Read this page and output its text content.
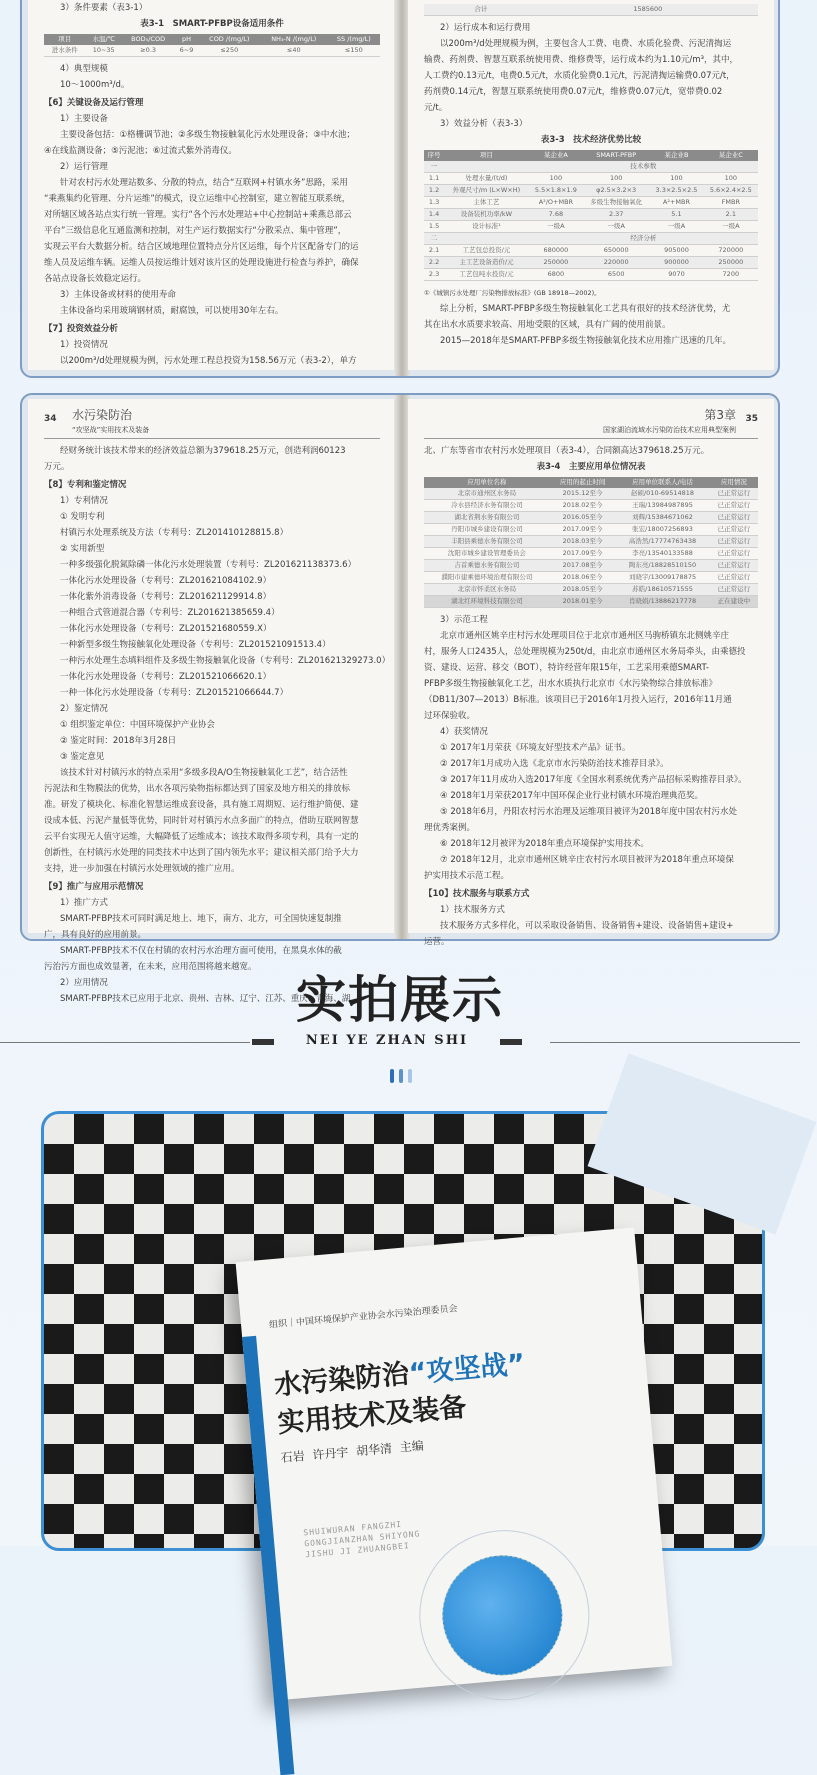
3）条件要素（表3-1）

表3-1　SMART-PFBP设备适用条件

项目	水温/℃	BOD₅/COD	pH	COD /(mg/L)	NH₃-N /(mg/L)	SS /(mg/L)
进水条件	10~35	≥0.3	6~9	≤250	≤40	≤150

4）典型规模

10～1000m³/d。

【6】关键设备及运行管理

1）主要设备

主要设备包括：①格栅调节池；②多级生物接触氧化污水处理设备；③中水池；

④在线监测设备；⑤污泥池；⑥过流式紫外消毒仪。

2）运行管理

针对农村污水处理站数多、分散的特点，结合“互联网+村镇水务”思路，采用

“乘燕集约化管理、分片运维”的模式，设立运维中心控制室，建立智能互联系统，

对所辖区域各站点实行统一管理。实行“各个污水处理站+中心控制站+乘燕总部云

平台”三级信息化互通监测和控制，对生产运行数据实行“分散采点、集中管理”，

实现云平台大数据分析。结合区域地理位置特点分片区运维，每个片区配备专门的运

维人员及运维车辆。运维人员按运维计划对该片区的处理设施进行检查与养护，确保

各站点设备长效稳定运行。

3）主体设备或材料的使用寿命

主体设备均采用玻璃钢材质，耐腐蚀，可以使用30年左右。

【7】投资效益分析

1）投资情况

以200m³/d处理规模为例，污水处理工程总投资为158.56万元（表3-2），单方

合计	1585600

2）运行成本和运行费用

以200m³/d处理规模为例，主要包含人工费、电费、水质化验费、污泥清掏运

输费、药剂费、智慧互联系统使用费、维修费等，运行成本约为1.10元/m³，其中，

人工费约0.13元/t，电费0.5元/t，水质化验费0.1元/t，污泥清掏运输费0.07元/t，

药剂费0.14元/t，智慧互联系统使用费0.07元/t，维修费0.07元/t，宽带费0.02

元/t。

3）效益分析（表3-3）

表3-3　技术经济优势比较

序号	项目	某企业A	SMART-PFBP	某企业B	某企业C
一		技术参数			
1.1	处理水量/(t/d)	100	100	100	100
1.2	外观尺寸/m (L×W×H)	5.5×1.8×1.9	φ2.5×3.2×3	3.3×2.5×2.5	5.6×2.4×2.5
1.3	主体工艺	A²/O+MBR	多级生物接触氧化	A²+MBR	FMBR
1.4	设备装机功率/kW	7.68	2.37	5.1	2.1
1.5	设计标准¹	一级A	一级A	一级A	一级A
二		经济分析			
2.1	工艺包总投资/元	680000	650000	905000	720000
2.2	主工艺设备造价/元	250000	220000	900000	250000
2.3	工艺包吨水投资/元	6800	6500	9070	7200

①《城镇污水处理厂污染物排放标准》(GB 18918—2002)。

综上分析，SMART-PFBP多级生物接触氧化工艺具有很好的技术经济优势，尤

其在出水水质要求较高、用地受限的区域，具有广阔的使用前景。

2015—2018年是SMART-PFBP多级生物接触氧化技术应用推广迅速的几年。

34 水污染防治
“攻坚战”实用技术及装备

经财务统计该技术带来的经济效益总额为379618.25万元，创造利润60123

万元。

【8】专利和鉴定情况

1）专利情况

① 发明专利

村镇污水处理系统及方法（专利号：ZL201410128815.8）

② 实用新型

一种多级强化脱氮除磷一体化污水处理装置（专利号：ZL201621138373.6）

一体化污水处理设备（专利号：ZL201621084102.9）

一体化紫外消毒设备（专利号：ZL201621129914.8）

一种组合式管道混合器（专利号：ZL201621385659.4）

一体化污水处理设备（专利号：ZL201521680559.X）

一种新型多级生物接触氧化处理设备（专利号：ZL201521091513.4）

一种污水处理生态填料组件及多级生物接触氧化设备（专利号：ZL201621329273.0）

一体化污水处理设备（专利号：ZL201521066620.1）

一种一体化污水处理设备（专利号：ZL201521066644.7）

2）鉴定情况

① 组织鉴定单位：中国环境保护产业协会

② 鉴定时间：2018年3月28日

③ 鉴定意见

该技术针对村镇污水的特点采用“多级多段A/O生物接触氧化工艺”，结合活性

污泥法和生物膜法的优势，出水各项污染物指标都达到了国家及地方相关的排放标

准。研发了模块化、标准化智慧运维成套设备，具有施工周期短、运行维护简便、建

设成本低、污泥产量低等优势，同时针对村镇污水点多面广的特点，借助互联网智慧

云平台实现无人值守运维，大幅降低了运维成本；该技术取得多项专利，具有一定的

创新性，在村镇污水处理的同类技术中达到了国内领先水平；建议相关部门给予大力

支持，进一步加强在村镇污水处理领域的推广应用。

【9】推广与应用示范情况

1）推广方式

SMART-PFBP技术可同时满足地上、地下，南方、北方，可全国快速复制推

广，具有良好的应用前景。

SMART-PFBP技术不仅在村镇的农村污水治理方面可使用，在黑臭水体的截

污治污方面也成效显著，在未来，应用范围将越来越宽。

2）应用情况

SMART-PFBP技术已应用于北京、贵州、吉林、辽宁、江苏、重庆、青海、湖

第3章
国家湖泊流域水污染防治技术应用典型案例
35

北、广东等省市农村污水处理项目（表3-4），合同额高达379618.25万元。

表3-4　主要应用单位情况表

应用单位名称	应用的起止时间	应用单位联系人/电话	应用情况
北京市通州区水务局	2015.12至今	赵硕/010-69514818	已正常运行
冷水县经济水务有限公司	2018.02至今	王瑞/13984987895	已正常运行
湖北省荆水务有限公司	2016.05至今	刘辉/15384671062	已正常运行
丹阳市城乡建设有限公司	2017.09至今	张宏/18007256893	已正常运行
丰阳县乘德水务有限公司	2018.03至今	高浩然/17774763438	已正常运行
沈阳市城乡建设管理委员会	2017.09至今	李亮/13540133588	已正常运行
吉首乘德水务有限公司	2017.08至今	陶东亮/18828510150	已正常运行
濮阳市建乘德环境治理有限公司	2018.06至今	刘晓宇/13009178875	已正常运行
北京市怀柔区水务局	2018.05至今	苏皓/18610571555	已正常运行
湖北红环境科技有限公司	2018.01至今	肖晓娟/13886217778	正在建设中

3）示范工程

北京市通州区姚辛庄村污水处理项目位于北京市通州区马驹桥镇东北侧姚辛庄

村，服务人口2435人，总处理规模为250t/d，由北京市通州区水务局牵头，由乘德投

资、建设、运营、移交（BOT），特许经营年限15年，工艺采用乘德SMART-

PFBP多级生物接触氧化工艺，出水水质执行北京市《水污染物综合排放标准》

（DB11/307—2013）B标准。该项目已于2016年1月投入运行，2016年11月通

过环保验收。

4）获奖情况

① 2017年1月荣获《环境友好型技术产品》证书。

② 2017年1月成功入选《北京市水污染防治技术推荐目录》。

③ 2017年11月成功入选2017年度《全国水利系统优秀产品招标采购推荐目录》。

④ 2018年1月荣获2017年中国环保企业行业村镇水环境治理典范奖。

⑤ 2018年6月，丹阳农村污水治理及运维项目被评为2018年度中国农村污水处

理优秀案例。

⑥ 2018年12月被评为2018年重点环境保护实用技术。

⑦ 2018年12月，北京市通州区姚辛庄农村污水项目被评为2018年重点环境保

护实用技术示范工程。

【10】技术服务与联系方式

1）技术服务方式

技术服务方式多样化，可以采取设备销售、设备销售+建设、设备销售+建设+

运营。

实拍展示
NEI YE ZHAN SHI
组织｜中国环境保护产业协会水污染治理委员会
水污染防治“攻坚战”
实用技术及装备
石岩 许丹宇 胡华清 主编
SHUIWURAN FANGZHI GONGJIANZHAN SHIYONG JISHU JI ZHUANGBEI
